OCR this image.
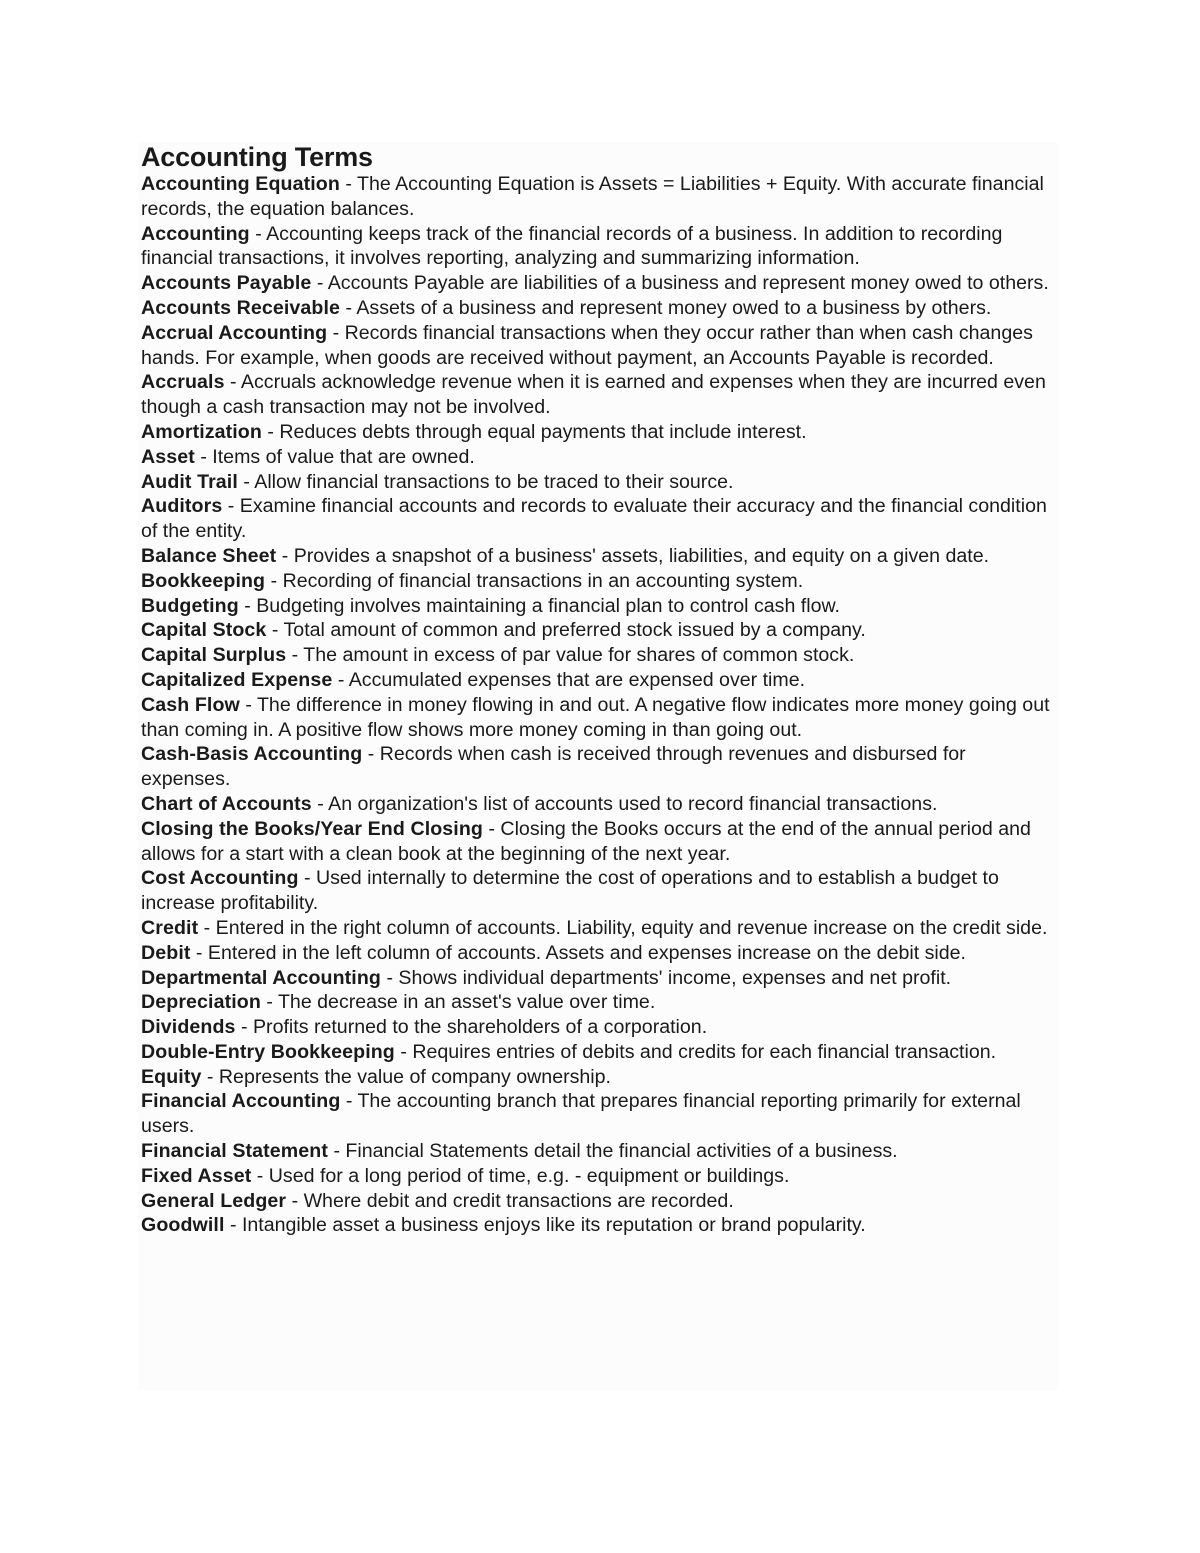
Accounting Terms
Accounting Equation - The Accounting Equation is Assets = Liabilities + Equity. With accurate financial records, the equation balances.
Accounting - Accounting keeps track of the financial records of a business. In addition to recording financial transactions, it involves reporting, analyzing and summarizing information.
Accounts Payable - Accounts Payable are liabilities of a business and represent money owed to others.
Accounts Receivable - Assets of a business and represent money owed to a business by others.
Accrual Accounting - Records financial transactions when they occur rather than when cash changes hands. For example, when goods are received without payment, an Accounts Payable is recorded.
Accruals - Accruals acknowledge revenue when it is earned and expenses when they are incurred even though a cash transaction may not be involved.
Amortization - Reduces debts through equal payments that include interest.
Asset - Items of value that are owned.
Audit Trail - Allow financial transactions to be traced to their source.
Auditors - Examine financial accounts and records to evaluate their accuracy and the financial condition of the entity.
Balance Sheet - Provides a snapshot of a business' assets, liabilities, and equity on a given date.
Bookkeeping - Recording of financial transactions in an accounting system.
Budgeting - Budgeting involves maintaining a financial plan to control cash flow.
Capital Stock - Total amount of common and preferred stock issued by a company.
Capital Surplus - The amount in excess of par value for shares of common stock.
Capitalized Expense - Accumulated expenses that are expensed over time.
Cash Flow - The difference in money flowing in and out. A negative flow indicates more money going out than coming in. A positive flow shows more money coming in than going out.
Cash-Basis Accounting - Records when cash is received through revenues and disbursed for expenses.
Chart of Accounts - An organization's list of accounts used to record financial transactions.
Closing the Books/Year End Closing - Closing the Books occurs at the end of the annual period and allows for a start with a clean book at the beginning of the next year.
Cost Accounting - Used internally to determine the cost of operations and to establish a budget to increase profitability.
Credit - Entered in the right column of accounts. Liability, equity and revenue increase on the credit side.
Debit - Entered in the left column of accounts. Assets and expenses increase on the debit side.
Departmental Accounting - Shows individual departments' income, expenses and net profit.
Depreciation - The decrease in an asset's value over time.
Dividends - Profits returned to the shareholders of a corporation.
Double-Entry Bookkeeping - Requires entries of debits and credits for each financial transaction.
Equity - Represents the value of company ownership.
Financial Accounting - The accounting branch that prepares financial reporting primarily for external users.
Financial Statement - Financial Statements detail the financial activities of a business.
Fixed Asset - Used for a long period of time, e.g. - equipment or buildings.
General Ledger - Where debit and credit transactions are recorded.
Goodwill - Intangible asset a business enjoys like its reputation or brand popularity.
